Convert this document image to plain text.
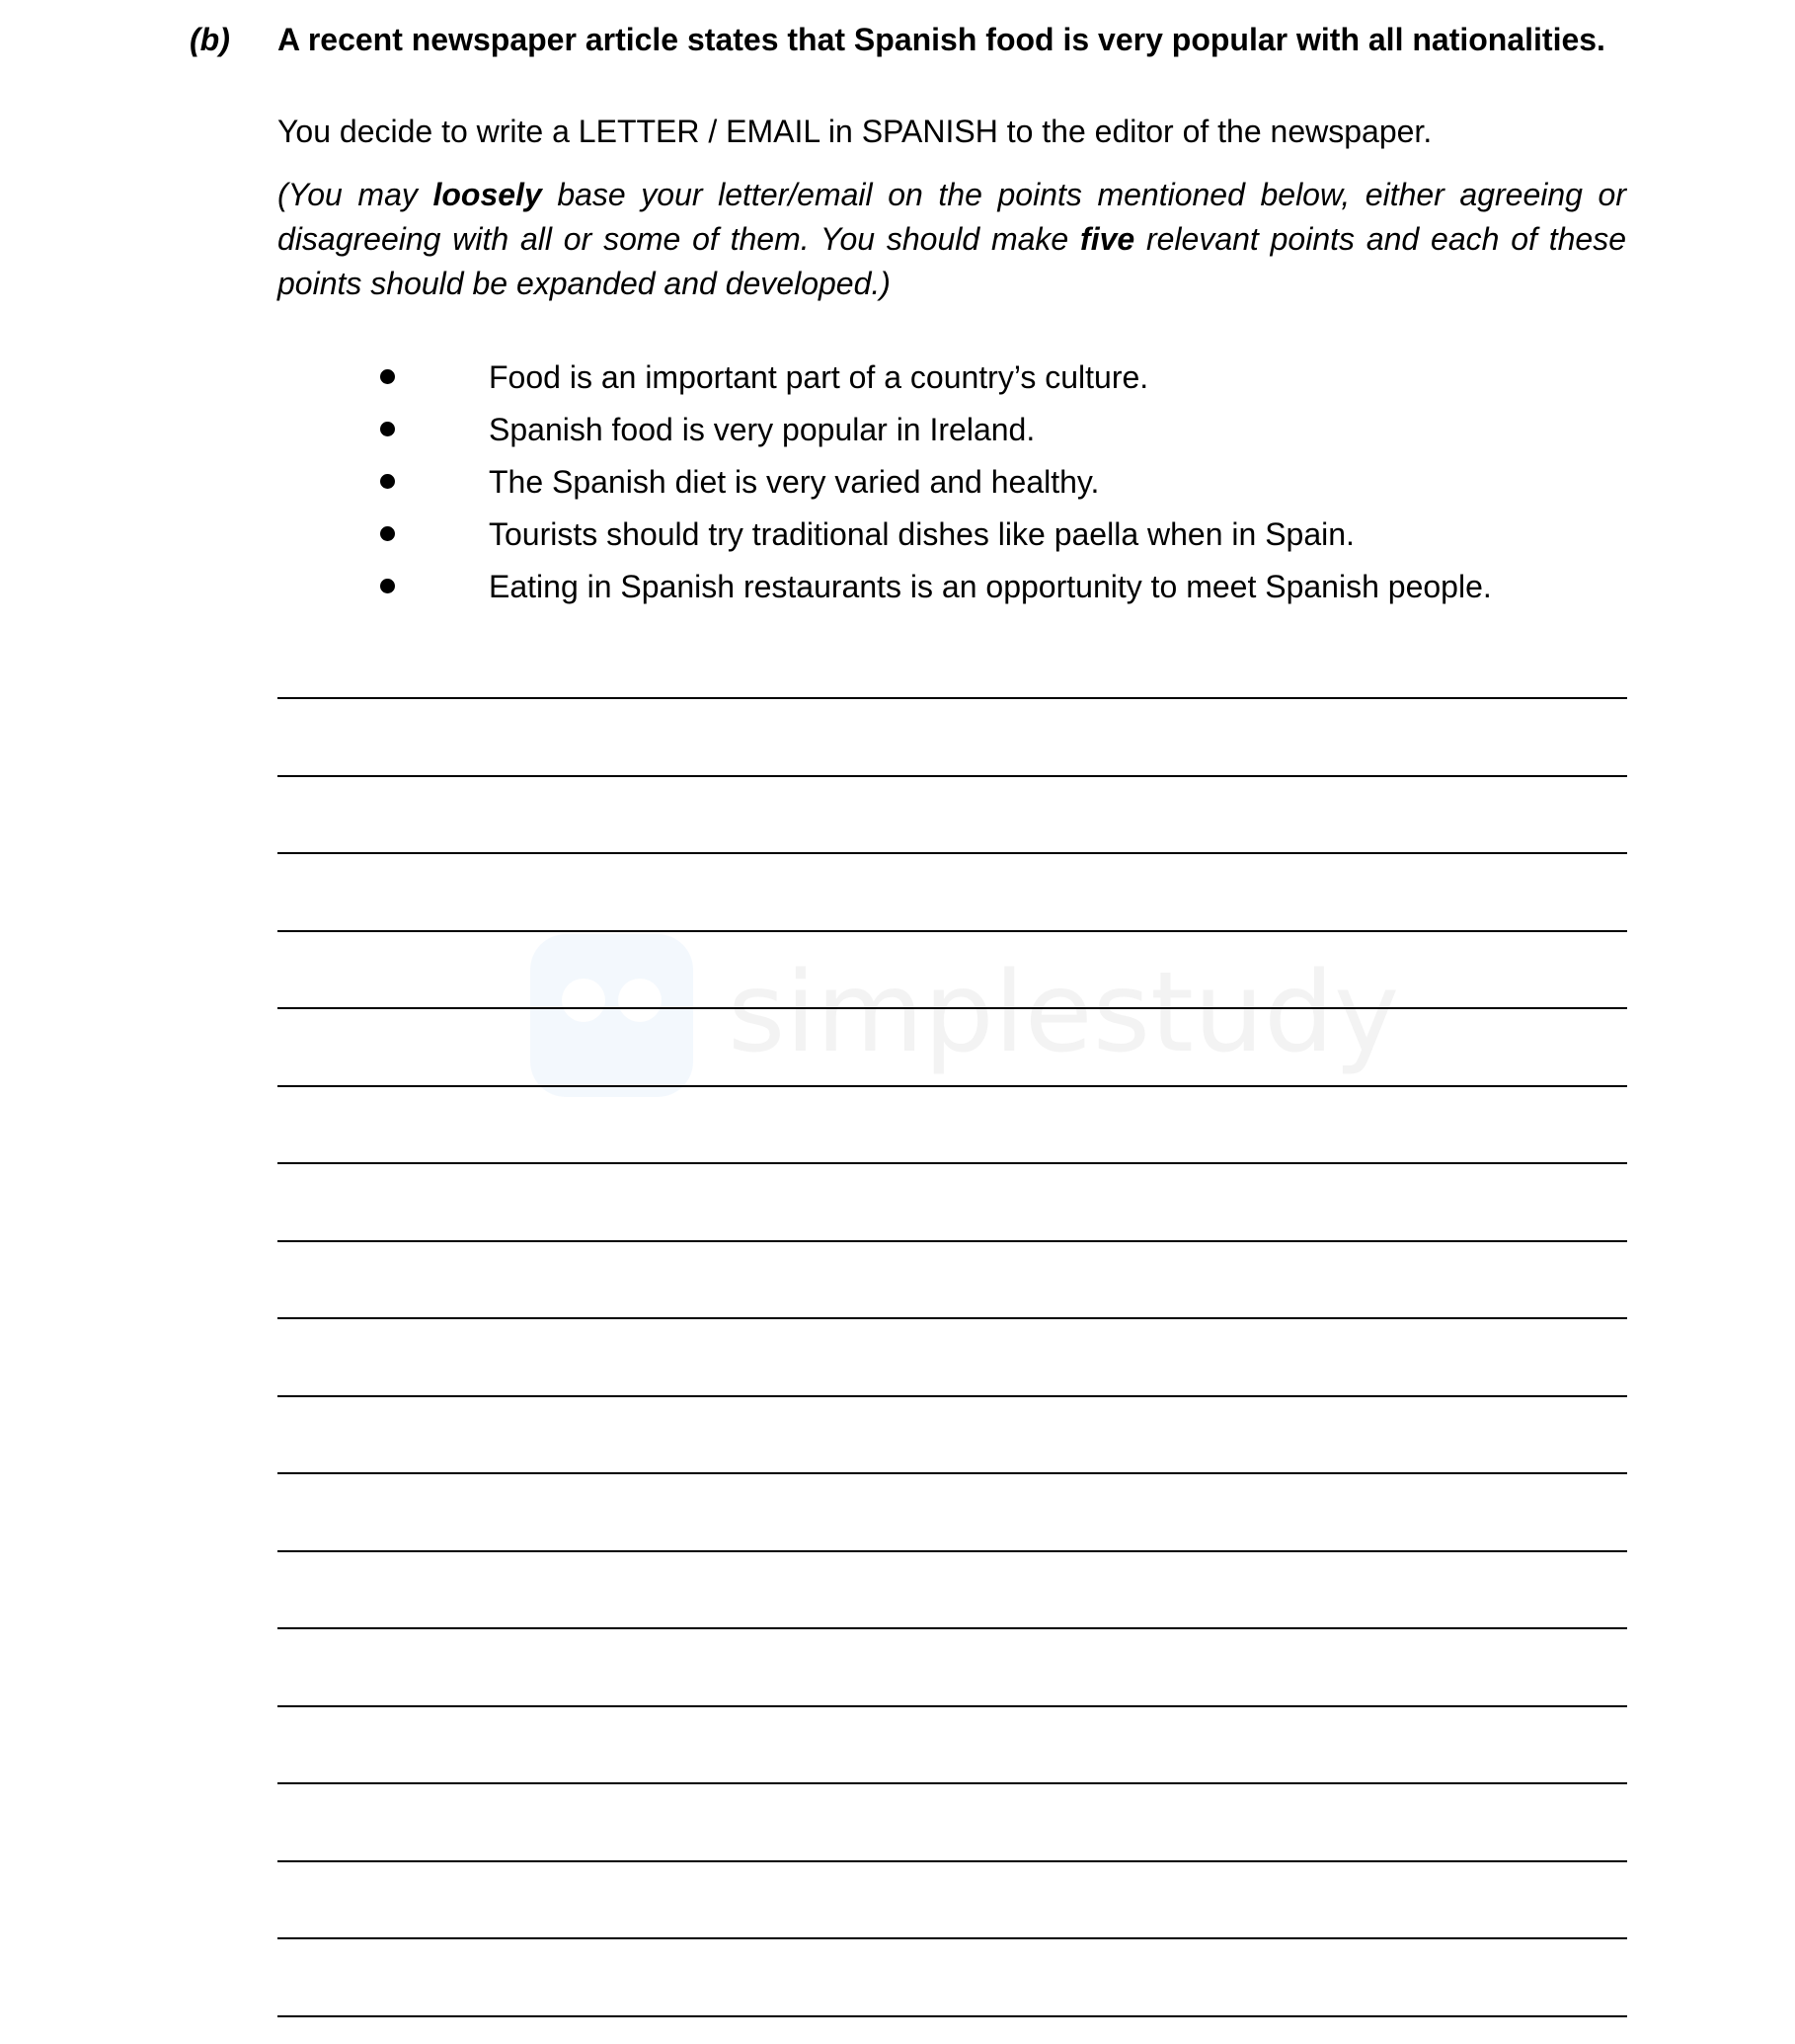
(b) A recent newspaper article states that Spanish food is very popular with all nationalities.
You decide to write a LETTER / EMAIL in SPANISH to the editor of the newspaper.
(You may loosely base your letter/email on the points mentioned below, either agreeing or disagreeing with all or some of them. You should make five relevant points and each of these points should be expanded and developed.)
Food is an important part of a country’s culture.
Spanish food is very popular in Ireland.
The Spanish diet is very varied and healthy.
Tourists should try traditional dishes like paella when in Spain.
Eating in Spanish restaurants is an opportunity to meet Spanish people.
simplestudy
